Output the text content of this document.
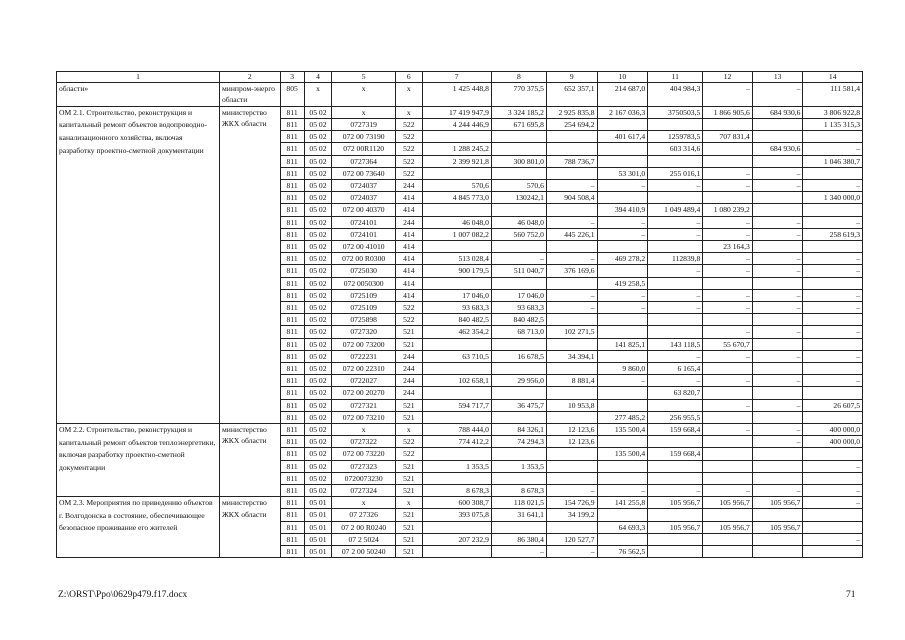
1	2	3	4	5	6	7	8	9	10	11	12	13	14
области»	минпром-энерго области	805	x	x	x	1 425 448,8	770 375,5	652 357,1	214 687,0	404 984,3	–	–	111 581,4
ОМ 2.1. Строительство, реконструкция и капитальный ремонт объектов водопроводно-канализационного хозяйства, включая разработку проектно-сметной документации	министерство ЖКХ области	811	05 02	x	x	17 419 947,9	3 324 185,2	2 925 835,8	2 167 036,3	3750503,5	1 866 905,6	684 930,6	3 806 922,8
		811	05 02	0727319	522	4 244 446,9	671 695,8	254 694,2					1 135 315,3
		811	05 02	072 00 73190	522				401 617,4	1259783,5	707 831,4		
		811	05 02	072 00R1120	522	1 288 245,2				603 314,6		684 930,6	–
		811	05 02	0727364	522	2 399 921,8	300 801,0	788 736,7					1 046 380,7
		811	05 02	072 00 73640	522				53 301,0	255 016,1	–	–	
		811	05 02	0724037	244	570,6	570,6	–	–	–	–	–	–
		811	05 02	0724037	414	4 845 773,0	130242,1	904 508,4					1 340 000,0
		811	05 02	072 00 40370	414				394 410,9	1 049 489,4	1 080 239,2		
		811	05 02	0724101	244	46 048,0	46 048,0	–	–	–	–	–	–
		811	05 02	0724101	414	1 007 082,2	560 752,0	445 226,1	–	–	–	–	258 619,3
		811	05 02	072 00 41010	414						23 164,3		
		811	05 02	072 00 R0300	414	513 028,4	–	–	469 278,2	112839,8	–	–	–
		811	05 02	0725030	414	900 179,5	511 040,7	376 169,6		–	–	–	–
		811	05 02	072 0050300	414				419 258,5				
		811	05 02	0725109	414	17 046,0	17 046,0	–	–	–	–	–	–
		811	05 02	0725109	522	93 683,3	93 683,3	–	–	–	–	–	–
		811	05 02	0725898	522	840 482,5	840 482,5						
		811	05 02	0727320	521	462 354,2	68 713,0	102 271,5			–	–	–
		811	05 02	072 00 73200	521				141 825,1	143 118,5	55 670,7		
		811	05 02	0722231	244	63 710,5	16 678,5	34 394,1		–	–	–	–
		811	05 02	072 00 22310	244				9 860,0	6 165,4			
		811	05 02	0722027	244	102 658,1	29 956,0	8 881,4	–	–	–	–	–
		811	05 02	072 00 20270	244					63 820,7			
		811	05 02	0727321	521	594 717,7	36 475,7	10 953,8			–	–	26 607,5
		811	05 02	072 00 73210	521				277 485,2	256 955,5			
ОМ 2.2. Строительство, реконструкция и капитальный ремонт объектов теплоэнергетики, включая разработку проектно-сметной документации	министерство ЖКХ области	811	05 02	x	x	788 444,0	84 326,1	12 123,6	135 500,4	159 668,4	–	–	400 000,0
		811	05 02	0727322	522	774 412,2	74 294,3	12 123,6				–	400 000,0
		811	05 02	072 00 73220	522				135 500,4	159 668,4			
		811	05 02	0727323	521	1 353,5	1 353,5						–
		811	05 02	0720073230	521								
		811	05 02	0727324	521	8 678,3	8 678,3	–	–	–	–	–	–
ОМ 2.3. Мероприятия по приведению объектов г. Волгодонска в состояние, обеспечивающее безопасное проживание его жителей	министерство ЖКХ области	811	05 01	x	x	600 308,7	118 021,5	154 726,9	141 255,8	105 956,7	105 956,7	105 956,7	–
		811	05 01	07 27326	521	393 075,8	31 641,1	34 199,2					
		811	05 01	07 2 00 R0240	521				64 693,3	105 956,7	105 956,7	105 956,7	
		811	05 01	07 2 5024	521	207 232,9	86 380,4	120 527,7					–
		811	05 01	07 2 00 50240	521		–	–	76 562,5				
Z:\ORST\Ppo\0629p479.f17.docx	71
